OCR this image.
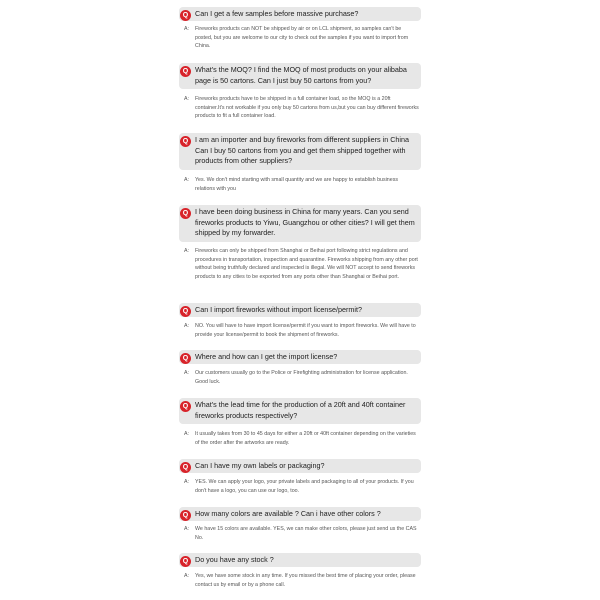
Q Can I get a few samples before massive purchase?
A:	Fireworks products can NOT be shipped by air or on LCL shipment, so samples can't be posted, but you are welcome to our city to check out the samples if you want to import from China.
Q What's the MOQ? I find the MOQ of most products on your alibaba page is 50 cartons. Can I just buy 50 cartons from you?
A:	Fireworks products have to be shipped in a full container load, so the MOQ is a 20ft container.It's not workable if you only buy 50 cartons from us,but you can buy different fireworks products to fit a full container load.
Q I am an importer and buy fireworks from different suppliers in China Can I buy 50 cartons from you and get them shipped together with products from other suppliers?
A:	Yes. We don't mind starting with small quantity and we are happy to establish business relations with you
Q I have been doing business in China for many years. Can you send fireworks products to Yiwu, Guangzhou or other cities? I will get them shipped by my forwarder.
A:	Fireworks can only be shipped from Shanghai or Beihai port following strict regulations and procedures in transportation, inspection and quarantine. Fireworks shipping from any other port without being truthfully declared and inspected is illegal. We will NOT accept to send fireworks products to any cities to be exported from any ports other than Shanghai or Beihai port.
Q Can I import fireworks without import license/permit?
A:	NO. You will have to have import license/permit if you want to import fireworks. We will have to provide your license/permit to book the shipment of fireworks.
Q Where and how can I get the import license?
A:	Our customers usually go to the Police or Firefighting administration for license application. Good luck.
Q What's the lead time for the production of a 20ft and 40ft container fireworks products respectively?
A:	It usually takes from 30 to 45 days for either a 20ft or 40ft container depending on the varieties of the order after the artworks are ready.
Q Can I have my own labels or packaging?
A:	YES. We can apply your logo, your private labels and packaging to all of your products. If you don't have a logo, you can use our logo, too.
Q How many colors are available ? Can i have other colors ?
A:	We have 15 colors are available. YES, we can make other colors, please just send us the CAS No.
Q Do you have any stock ?
A:	Yes, we have some stock in any time. If you missed the best time of placing your order, please contact us by email or by a phone call.
